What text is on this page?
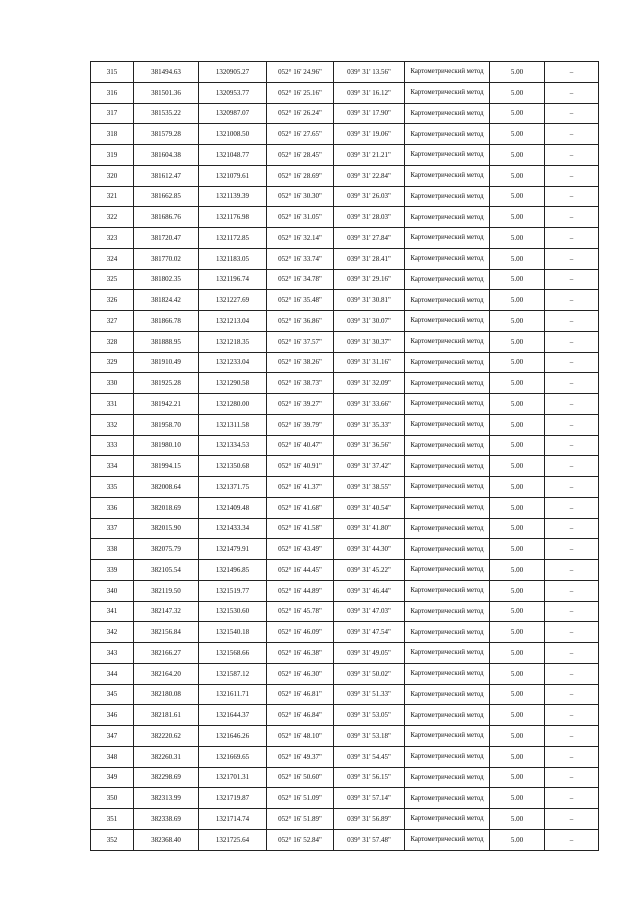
315	381494.63	1320905.27	052° 16' 24.96"	039° 31' 13.56"	Картометрический метод	5.00	–
316	381501.36	1320953.77	052° 16' 25.16"	039° 31' 16.12"	Картометрический метод	5.00	–
317	381535.22	1320987.07	052° 16' 26.24"	039° 31' 17.90"	Картометрический метод	5.00	–
318	381579.28	1321008.50	052° 16' 27.65"	039° 31' 19.06"	Картометрический метод	5.00	–
319	381604.38	1321048.77	052° 16' 28.45"	039° 31' 21.21"	Картометрический метод	5.00	–
320	381612.47	1321079.61	052° 16' 28.69"	039° 31' 22.84"	Картометрический метод	5.00	–
321	381662.85	1321139.39	052° 16' 30.30"	039° 31' 26.03"	Картометрический метод	5.00	–
322	381686.76	1321176.98	052° 16' 31.05"	039° 31' 28.03"	Картометрический метод	5.00	–
323	381720.47	1321172.85	052° 16' 32.14"	039° 31' 27.84"	Картометрический метод	5.00	–
324	381770.02	1321183.05	052° 16' 33.74"	039° 31' 28.41"	Картометрический метод	5.00	–
325	381802.35	1321196.74	052° 16' 34.78"	039° 31' 29.16"	Картометрический метод	5.00	–
326	381824.42	1321227.69	052° 16' 35.48"	039° 31' 30.81"	Картометрический метод	5.00	–
327	381866.78	1321213.04	052° 16' 36.86"	039° 31' 30.07"	Картометрический метод	5.00	–
328	381888.95	1321218.35	052° 16' 37.57"	039° 31' 30.37"	Картометрический метод	5.00	–
329	381910.49	1321233.04	052° 16' 38.26"	039° 31' 31.16"	Картометрический метод	5.00	–
330	381925.28	1321290.58	052° 16' 38.73"	039° 31' 32.09"	Картометрический метод	5.00	–
331	381942.21	1321280.00	052° 16' 39.27"	039° 31' 33.66"	Картометрический метод	5.00	–
332	381958.70	1321311.58	052° 16' 39.79"	039° 31' 35.33"	Картометрический метод	5.00	–
333	381980.10	1321334.53	052° 16' 40.47"	039° 31' 36.56"	Картометрический метод	5.00	–
334	381994.15	1321350.68	052° 16' 40.91"	039° 31' 37.42"	Картометрический метод	5.00	–
335	382008.64	1321371.75	052° 16' 41.37"	039° 31' 38.55"	Картометрический метод	5.00	–
336	382018.69	1321409.48	052° 16' 41.68"	039° 31' 40.54"	Картометрический метод	5.00	–
337	382015.90	1321433.34	052° 16' 41.58"	039° 31' 41.80"	Картометрический метод	5.00	–
338	382075.79	1321479.91	052° 16' 43.49"	039° 31' 44.30"	Картометрический метод	5.00	–
339	382105.54	1321496.85	052° 16' 44.45"	039° 31' 45.22"	Картометрический метод	5.00	–
340	382119.50	1321519.77	052° 16' 44.89"	039° 31' 46.44"	Картометрический метод	5.00	–
341	382147.32	1321530.60	052° 16' 45.78"	039° 31' 47.03"	Картометрический метод	5.00	–
342	382156.84	1321540.18	052° 16' 46.09"	039° 31' 47.54"	Картометрический метод	5.00	–
343	382166.27	1321568.66	052° 16' 46.38"	039° 31' 49.05"	Картометрический метод	5.00	–
344	382164.20	1321587.12	052° 16' 46.30"	039° 31' 50.02"	Картометрический метод	5.00	–
345	382180.08	1321611.71	052° 16' 46.81"	039° 31' 51.33"	Картометрический метод	5.00	–
346	382181.61	1321644.37	052° 16' 46.84"	039° 31' 53.05"	Картометрический метод	5.00	–
347	382220.62	1321646.26	052° 16' 48.10"	039° 31' 53.18"	Картометрический метод	5.00	–
348	382260.31	1321669.65	052° 16' 49.37"	039° 31' 54.45"	Картометрический метод	5.00	–
349	382298.69	1321701.31	052° 16' 50.60"	039° 31' 56.15"	Картометрический метод	5.00	–
350	382313.99	1321719.87	052° 16' 51.09"	039° 31' 57.14"	Картометрический метод	5.00	–
351	382338.69	1321714.74	052° 16' 51.89"	039° 31' 56.89"	Картометрический метод	5.00	–
352	382368.40	1321725.64	052° 16' 52.84"	039° 31' 57.48"	Картометрический метод	5.00	–
